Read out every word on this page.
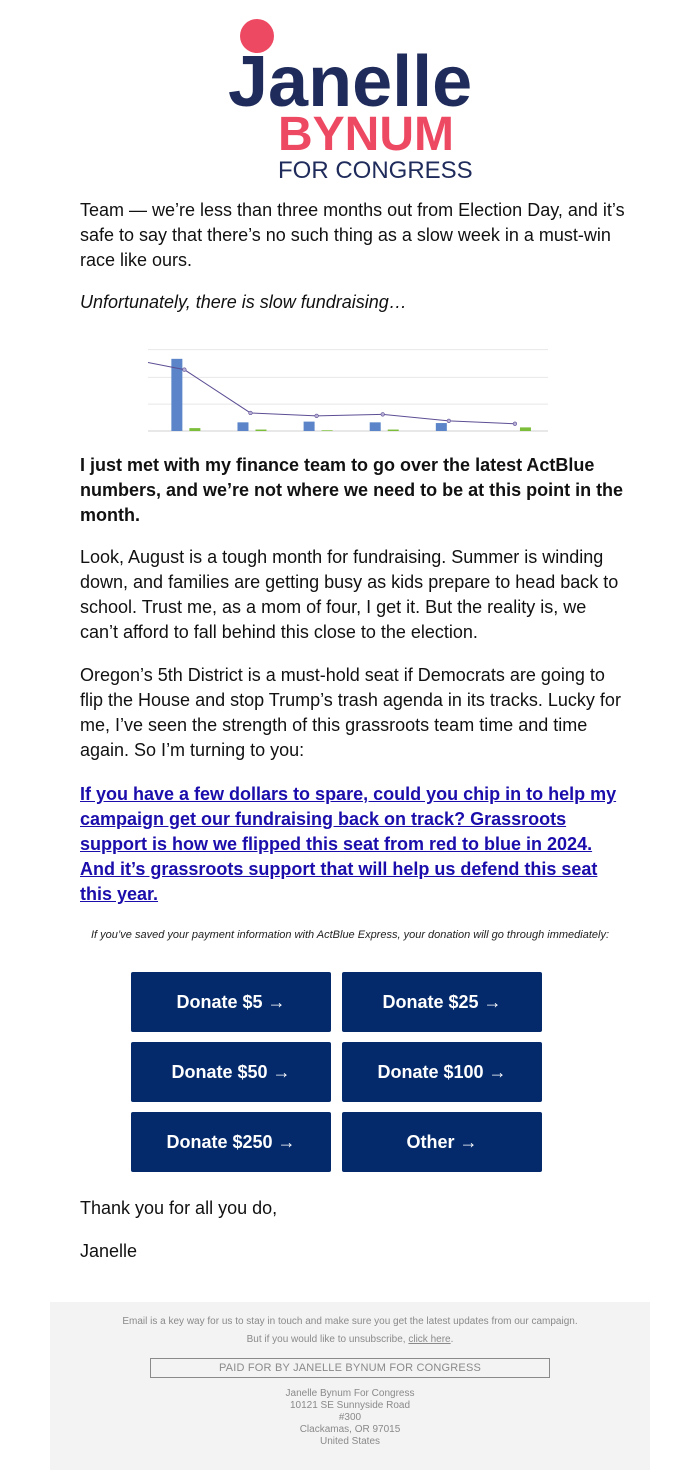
Janelle
BYNUM
FOR CONGRESS

Team — we’re less than three months out from Election Day, and it’s safe to say that there’s no such thing as a slow week in a must-win race like ours.

Unfortunately, there is slow fundraising…

I just met with my finance team to go over the latest ActBlue numbers, and we’re not where we need to be at this point in the month.

Look, August is a tough month for fundraising. Summer is winding down, and families are getting busy as kids prepare to head back to school. Trust me, as a mom of four, I get it. But the reality is, we can’t afford to fall behind this close to the election.

Oregon’s 5th District is a must-hold seat if Democrats are going to flip the House and stop Trump’s trash agenda in its tracks. Lucky for me, I’ve seen the strength of this grassroots team time and time again. So I’m turning to you:

If you have a few dollars to spare, could you chip in to help my campaign get our fundraising back on track? Grassroots support is how we flipped this seat from red to blue in 2024. And it’s grassroots support that will help us defend this seat this year.

If you’ve saved your payment information with ActBlue Express, your donation will go through immediately:
Donate $5 →	Donate $25 →
Donate $50 →	Donate $100 →
Donate $250 →	Other →

Thank you for all you do,

Janelle

Email is a key way for us to stay in touch and make sure you get the latest updates from our campaign.
But if you would like to unsubscribe, click here.
PAID FOR BY JANELLE BYNUM FOR CONGRESS
Janelle Bynum For Congress
10121 SE Sunnyside Road
#300
Clackamas, OR 97015
United States
